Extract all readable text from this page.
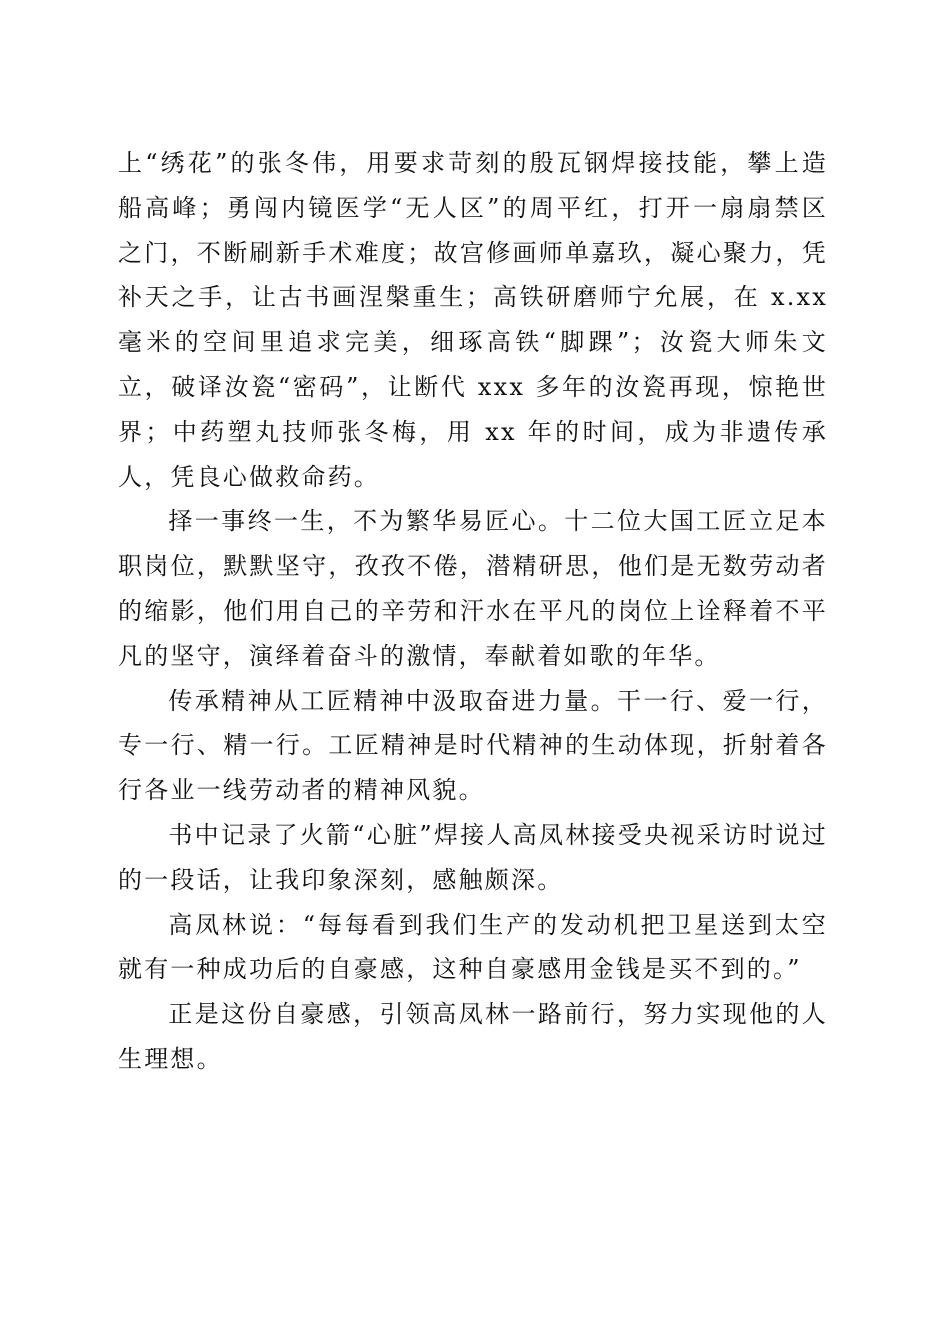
上“绣花”的张冬伟，用要求苛刻的殷瓦钢焊接技能，攀上造船高峰；勇闯内镜医学“无人区”的周平红，打开一扇扇禁区之门，不断刷新手术难度；故宫修画师单嘉玖，凝心聚力，凭补天之手，让古书画涅槃重生；高铁研磨师宁允展，在 x.xx 毫米的空间里追求完美，细琢高铁“脚踝”；汝瓷大师朱文立，破译汝瓷“密码”，让断代 xxx 多年的汝瓷再现，惊艳世界；中药塑丸技师张冬梅，用 xx 年的时间，成为非遗传承人，凭良心做救命药。

择一事终一生，不为繁华易匠心。十二位大国工匠立足本职岗位，默默坚守，孜孜不倦，潜精研思，他们是无数劳动者的缩影，他们用自己的辛劳和汗水在平凡的岗位上诠释着不平凡的坚守，演绎着奋斗的激情，奉献着如歌的年华。

传承精神从工匠精神中汲取奋进力量。干一行、爱一行，专一行、精一行。工匠精神是时代精神的生动体现，折射着各行各业一线劳动者的精神风貌。

书中记录了火箭“心脏”焊接人高凤林接受央视采访时说过的一段话，让我印象深刻，感触颇深。

高凤林说：“每每看到我们生产的发动机把卫星送到太空就有一种成功后的自豪感，这种自豪感用金钱是买不到的。”

正是这份自豪感，引领高凤林一路前行，努力实现他的人生理想。
